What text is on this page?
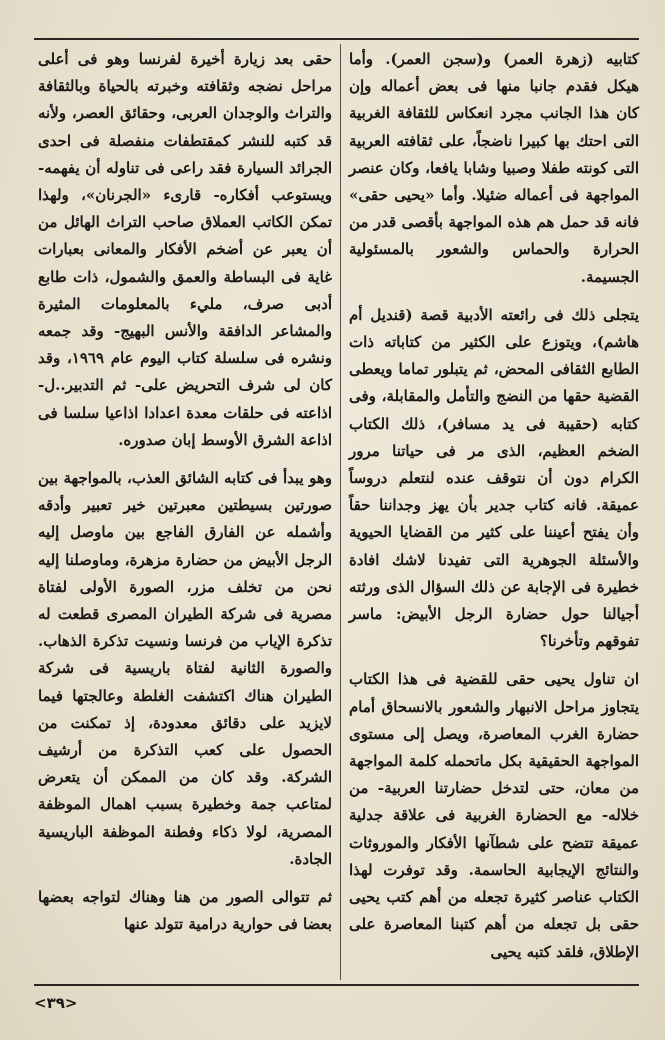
كتابيه (زهرة العمر) و(سجن العمر). وأما هيكل فقدم جانبا منها فى بعض أعماله وإن كان هذا الجانب مجرد انعكاس للثقافة الغربية التى احتك بها كبيرا ناضجاً، على ثقافته العربية التى كونته طفلا وصبيا وشابا يافعا، وكان عنصر المواجهة فى أعماله ضئيلا. وأما «يحيى حقى» فانه قد حمل هم هذه المواجهة بأقصى قدر من الحرارة والحماس والشعور بالمسئولية الجسيمة.

يتجلى ذلك فى رائعته الأدبية قصة (قنديل أم هاشم)، ويتوزع على الكثير من كتاباته ذات الطابع الثقافى المحض، ثم يتبلور تماما ويعطى القضية حقها من النضج والتأمل والمقابلة، وفى كتابه (حقيبة فى يد مسافر)، ذلك الكتاب الضخم العظيم، الذى مر فى حياتنا مرور الكرام دون أن نتوقف عنده لنتعلم دروساً عميقة. فانه كتاب جدير بأن يهز وجداننا حقاً وأن يفتح أعيننا على كثير من القضايا الحيوية والأسئلة الجوهرية التى تفيدنا لاشك افادة خطيرة فى الإجابة عن ذلك السؤال الذى ورثته أجيالنا حول حضارة الرجل الأبيض: ماسر تفوقهم وتأخرنا؟

ان تناول يحيى حقى للقضية فى هذا الكتاب يتجاوز مراحل الانبهار والشعور بالانسحاق أمام حضارة الغرب المعاصرة، ويصل إلى مستوى المواجهة الحقيقية بكل ماتحمله كلمة المواجهة من معان، حتى لتدخل حضارتنا العربية- من خلاله- مع الحضارة الغربية فى علاقة جدلية عميقة تتضح على شطآنها الأفكار والموروثات والنتائج الإيجابية الحاسمة. وقد توفرت لهذا الكتاب عناصر كثيرة تجعله من أهم كتب يحيى حقى بل تجعله من أهم كتبنا المعاصرة على الإطلاق، فلقد كتبه يحيى

حقى بعد زيارة أخيرة لفرنسا وهو فى أعلى مراحل نضجه وثقافته وخبرته بالحياة وبالثقافة والتراث والوجدان العربى، وحقائق العصر، ولأنه قد كتبه للنشر كمقتطفات منفصلة فى احدى الجرائد السيارة فقد راعى فى تناوله أن يفهمه- ويستوعب أفكاره- قارىء «الجرنان»، ولهذا تمكن الكاتب العملاق صاحب التراث الهائل من أن يعبر عن أضخم الأفكار والمعانى بعبارات غاية فى البساطة والعمق والشمول، ذات طابع أدبى صرف، مليء بالمعلومات المثيرة والمشاعر الدافقة والأنس البهيج- وقد جمعه ونشره فى سلسلة كتاب اليوم عام ١٩٦٩، وقد كان لى شرف التحريض على- ثم التدبير..ل- اذاعته فى حلقات معدة اعدادا اذاعيا سلسا فى اذاعة الشرق الأوسط إبان صدوره.

وهو يبدأ فى كتابه الشائق العذب، بالمواجهة بين صورتين بسيطتين معبرتين خير تعبير وأدقه وأشمله عن الفارق الفاجع بين ماوصل إليه الرجل الأبيض من حضارة مزهرة، وماوصلنا إليه نحن من تخلف مزر، الصورة الأولى لفتاة مصرية فى شركة الطيران المصرى قطعت له تذكرة الإياب من فرنسا ونسيت تذكرة الذهاب. والصورة الثانية لفتاة باريسية فى شركة الطيران هناك اكتشفت الغلطة وعالجتها فيما لايزيد على دقائق معدودة، إذ تمكنت من الحصول على كعب التذكرة من أرشيف الشركة. وقد كان من الممكن أن يتعرض لمتاعب جمة وخطيرة بسبب اهمال الموظفة المصرية، لولا ذكاء وفطنة الموظفة الباريسية الجادة.

ثم تتوالى الصور من هنا وهناك لتواجه بعضها بعضا فى حوارية درامية تتولد عنها

<٣٩>
